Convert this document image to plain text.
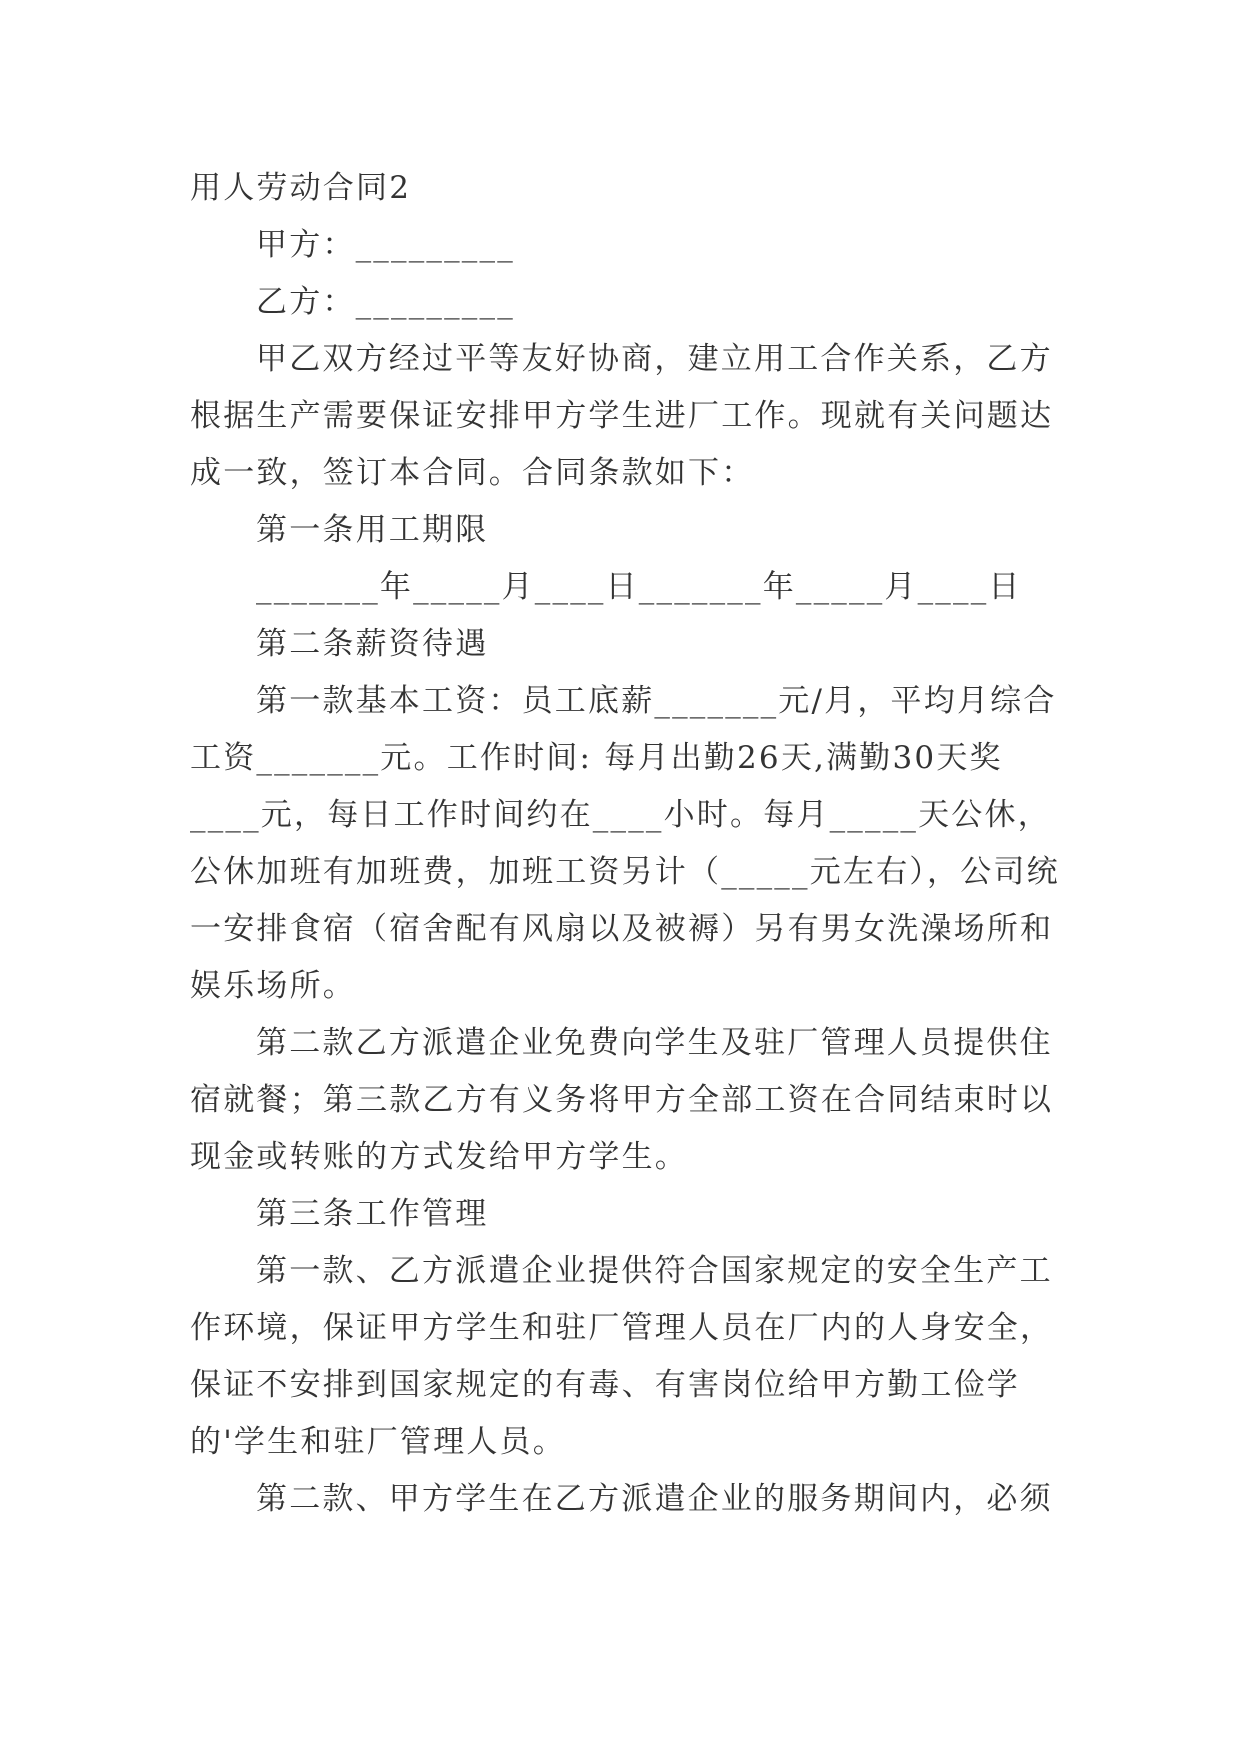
用人劳动合同2

甲方：_________

乙方：_________

甲乙双方经过平等友好协商，建立用工合作关系，乙方根据生产需要保证安排甲方学生进厂工作。现就有关问题达成一致，签订本合同。合同条款如下：

第一条用工期限

_______年_____月____日_______年_____月____日

第二条薪资待遇

第一款基本工资：员工底薪_______元/月，平均月综合工资_______元。工作时间: 每月出勤26天,满勤30天奖____元，每日工作时间约在____小时。每月_____天公休，公休加班有加班费，加班工资另计（_____元左右），公司统一安排食宿（宿舍配有风扇以及被褥）另有男女洗澡场所和娱乐场所。

第二款乙方派遣企业免费向学生及驻厂管理人员提供住宿就餐；第三款乙方有义务将甲方全部工资在合同结束时以现金或转账的方式发给甲方学生。

第三条工作管理

第一款、乙方派遣企业提供符合国家规定的安全生产工作环境，保证甲方学生和驻厂管理人员在厂内的人身安全，保证不安排到国家规定的有毒、有害岗位给甲方勤工俭学的'学生和驻厂管理人员。

第二款、甲方学生在乙方派遣企业的服务期间内，必须
